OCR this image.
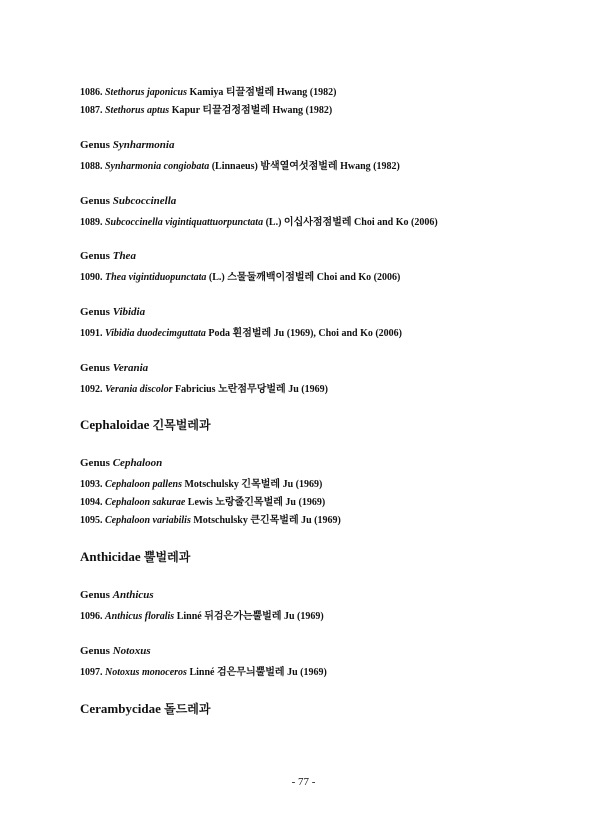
1086. Stethorus japonicus Kamiya 티끌점벌레 Hwang (1982)
1087. Stethorus aptus Kapur 티끌검정점벌레 Hwang (1982)
Genus Synharmonia
1088. Synharmonia congiobata (Linnaeus) 밤색열여섯점벌레 Hwang (1982)
Genus Subcoccinella
1089. Subcoccinella vigintiquattuorpunctata (L.) 이십사점점벌레 Choi and Ko (2006)
Genus Thea
1090. Thea vigintiduopunctata (L.) 스물둘깨백이점벌레 Choi and Ko (2006)
Genus Vibidia
1091. Vibidia duodecimguttata Poda 흰점벌레 Ju (1969), Choi and Ko (2006)
Genus Verania
1092. Verania discolor Fabricius 노란점무당벌레 Ju (1969)
Cephaloidae 긴목벌레과
Genus Cephaloon
1093. Cephaloon pallens Motschulsky 긴목벌레 Ju (1969)
1094. Cephaloon sakurae Lewis 노랑줄긴목벌레 Ju (1969)
1095. Cephaloon variabilis Motschulsky 큰긴목벌레 Ju (1969)
Anthicidae 뿔벌레과
Genus Anthicus
1096. Anthicus floralis Linné 뒤검은가는뿔벌레 Ju (1969)
Genus Notoxus
1097. Notoxus monoceros Linné 검은무늬뿔벌레 Ju (1969)
Cerambycidae 돌드레과
- 77 -
